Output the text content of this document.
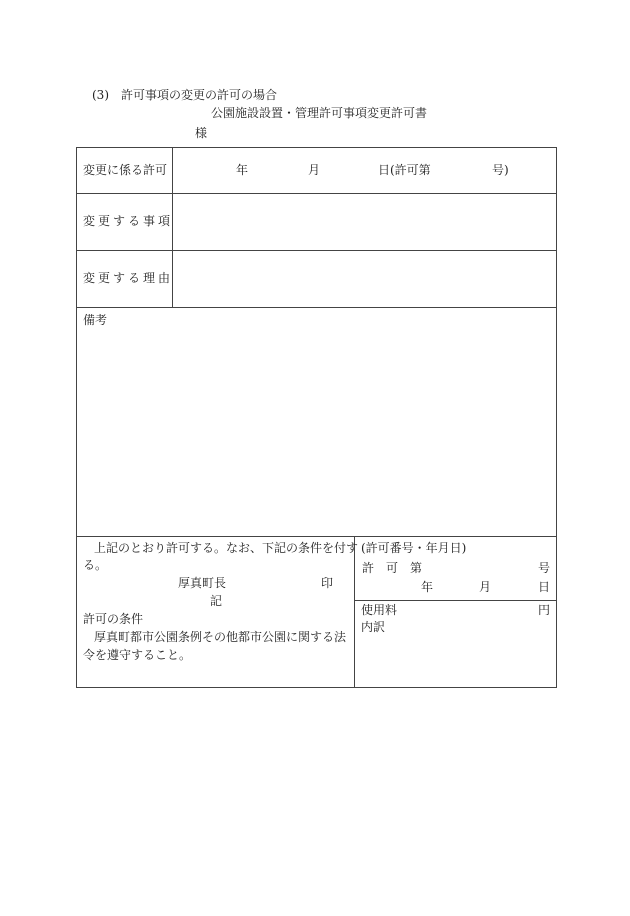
(3)　許可事項の変更の許可の場合
公園施設設置・管理許可事項変更許可書
様
変更に係る許可	年	月	日(許可第	号)
変更する事項
変更する理由
備考
上記のとおり許可する。なお、下記の条件を付す
る。
厚真町長	印
記
許可の条件
厚真町都市公園条例その他都市公園に関する法
令を遵守すること。
(許可番号・年月日)
許　可　第	号
年	月	日
使用料	円
内訳
